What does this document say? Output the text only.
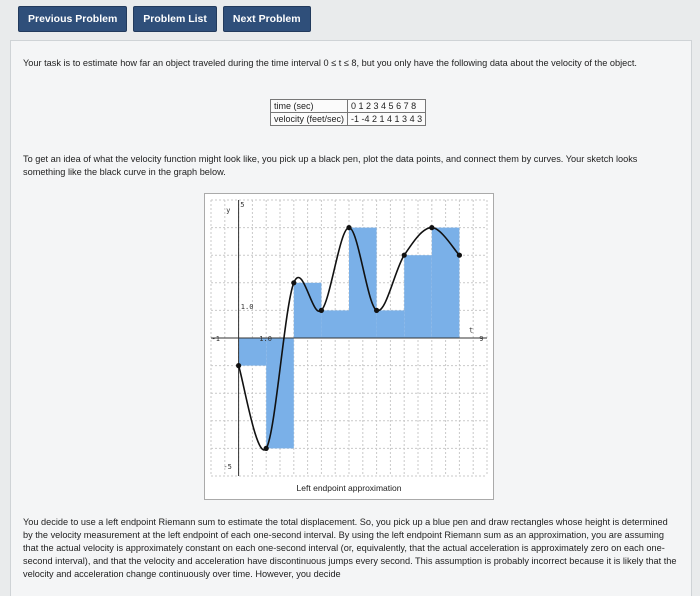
Previous Problem	Problem List	Next Problem

Your task is to estimate how far an object traveled during the time interval 0 ≤ t ≤ 8, but you only have the following data about the velocity of the object.

time (sec)	0 1 2 3 4 5 6 7 8
velocity (feet/sec)	-1 -4 2 1 4 1 3 4 3

To get an idea of what the velocity function might look like, you pick up a black pen, plot the data points, and connect them by curves. Your sketch looks something like the black curve in the graph below.

y
5
1.0
1.0
-1
t
9
-5
Left endpoint approximation

You decide to use a left endpoint Riemann sum to estimate the total displacement. So, you pick up a blue pen and draw rectangles whose height is determined by the velocity measurement at the left endpoint of each one-second interval. By using the left endpoint Riemann sum as an approximation, you are assuming that the actual velocity is approximately constant on each one-second interval (or, equivalently, that the actual acceleration is approximately zero on each one-second interval), and that the velocity and acceleration have discontinuous jumps every second. This assumption is probably incorrect because it is likely that the velocity and acceleration change continuously over time. However, you decide
